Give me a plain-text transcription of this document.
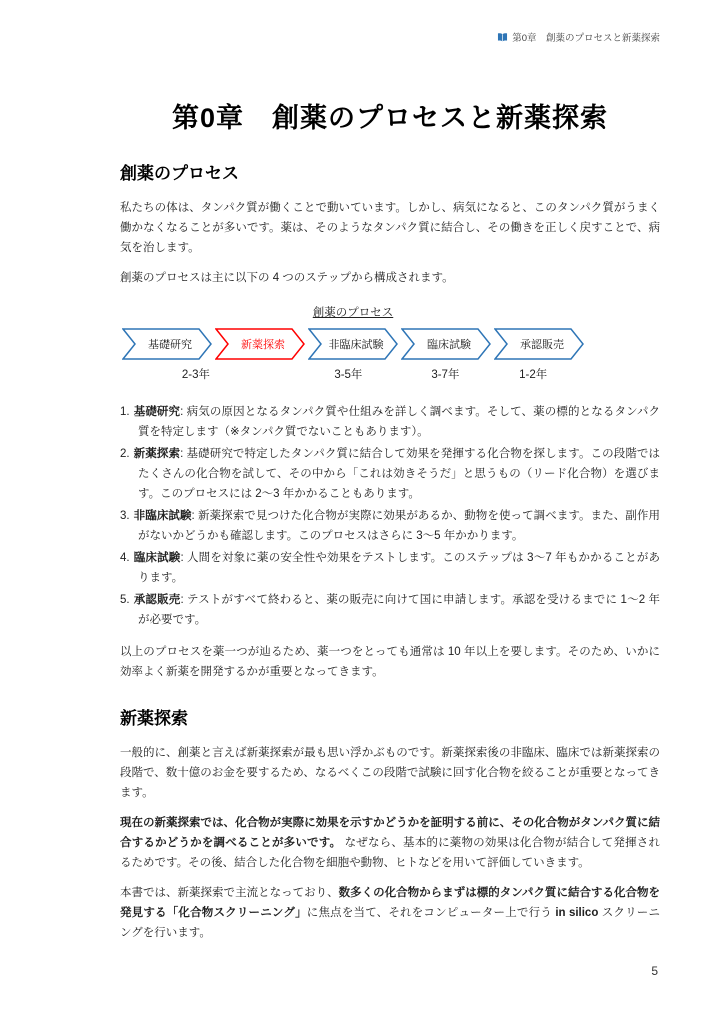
第0章　創薬のプロセスと新薬探索
第0章　創薬のプロセスと新薬探索
創薬のプロセス

私たちの体は、タンパク質が働くことで動いています。しかし、病気になると、このタンパク質がうまく働かなくなることが多いです。薬は、そのようなタンパク質に結合し、その働きを正しく戻すことで、病気を治します。

創薬のプロセスは主に以下の 4 つのステップから構成されます。

創薬のプロセス
基礎研究	新薬探索	非臨床試験	臨床試験	承認販売
2-3年	3-5年	3-7年	1-2年
1. 基礎研究: 病気の原因となるタンパク質や仕組みを詳しく調べます。そして、薬の標的となるタンパク質を特定します（※タンパク質でないこともあります）。
2. 新薬探索: 基礎研究で特定したタンパク質に結合して効果を発揮する化合物を探します。この段階ではたくさんの化合物を試して、その中から「これは効きそうだ」と思うもの（リード化合物）を選びます。このプロセスには 2〜3 年かかることもあります。
3. 非臨床試験: 新薬探索で見つけた化合物が実際に効果があるか、動物を使って調べます。また、副作用がないかどうかも確認します。このプロセスはさらに 3〜5 年かかります。
4. 臨床試験: 人間を対象に薬の安全性や効果をテストします。このステップは 3〜7 年もかかることがあります。
5. 承認販売: テストがすべて終わると、薬の販売に向けて国に申請します。承認を受けるまでに 1〜2 年が必要です。

以上のプロセスを薬一つが辿るため、薬一つをとっても通常は 10 年以上を要します。そのため、いかに効率よく新薬を開発するかが重要となってきます。

新薬探索

一般的に、創薬と言えば新薬探索が最も思い浮かぶものです。新薬探索後の非臨床、臨床では新薬探索の段階で、数十億のお金を要するため、なるべくこの段階で試験に回す化合物を絞ることが重要となってきます。

現在の新薬探索では、化合物が実際に効果を示すかどうかを証明する前に、その化合物がタンパク質に結合するかどうかを調べることが多いです。 なぜなら、基本的に薬物の効果は化合物が結合して発揮されるためです。その後、結合した化合物を細胞や動物、ヒトなどを用いて評価していきます。

本書では、新薬探索で主流となっており、数多くの化合物からまずは標的タンパク質に結合する化合物を発見する「化合物スクリーニング」に焦点を当て、それをコンピューター上で行う in silico スクリーニングを行います。

5
